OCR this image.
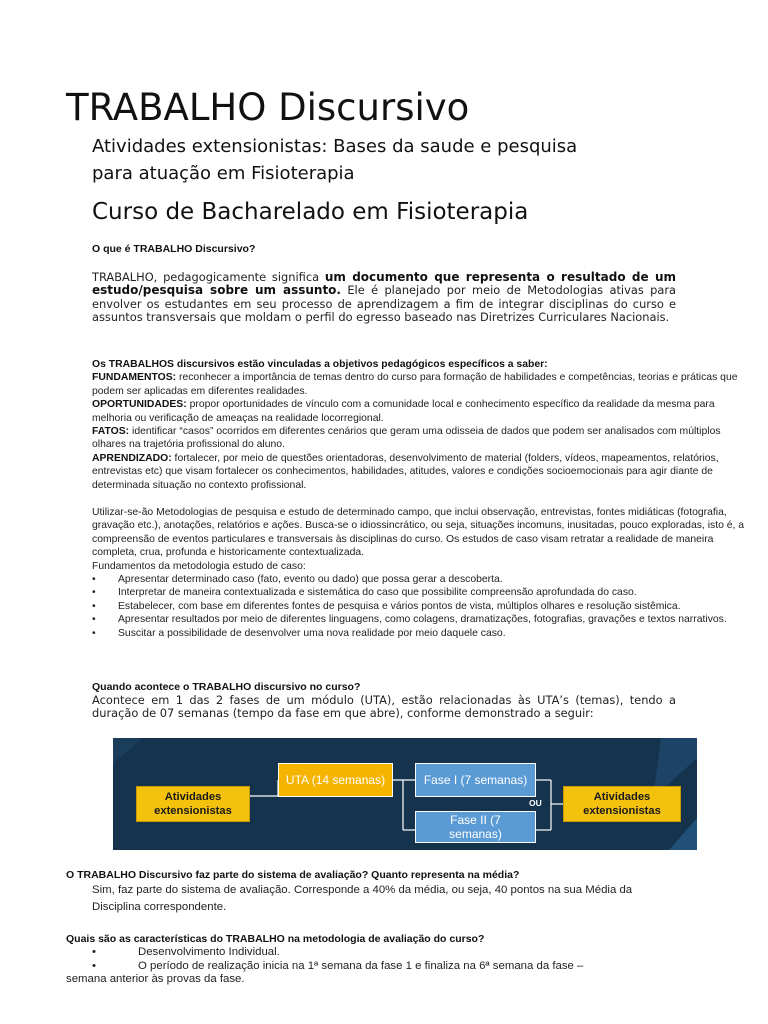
TRABALHO Discursivo
Atividades extensionistas: Bases da saude e pesquisa para atuação em Fisioterapia
Curso de Bacharelado em Fisioterapia
O que é TRABALHO Discursivo?
TRABALHO, pedagogicamente significa um documento que representa o resultado de um estudo/pesquisa sobre um assunto. Ele é planejado por meio de Metodologias ativas para envolver os estudantes em seu processo de aprendizagem a fim de integrar disciplinas do curso e assuntos transversais que moldam o perfil do egresso baseado nas Diretrizes Curriculares Nacionais.
Os TRABALHOS discursivos estão vinculadas a objetivos pedagógicos específicos a saber:
FUNDAMENTOS: reconhecer a importância de temas dentro do curso para formação de habilidades e competências, teorias e práticas que podem ser aplicadas em diferentes realidades.
OPORTUNIDADES: propor oportunidades de vínculo com a comunidade local e conhecimento específico da realidade da mesma para melhoria ou verificação de ameaças na realidade locorregional.
FATOS: identificar “casos” ocorridos em diferentes cenários que geram uma odisseia de dados que podem ser analisados com múltiplos olhares na trajetória profissional do aluno.
APRENDIZADO: fortalecer, por meio de questões orientadoras, desenvolvimento de material (folders, vídeos, mapeamentos, relatórios, entrevistas etc) que visam fortalecer os conhecimentos, habilidades, atitudes, valores e condições socioemocionais para agir diante de determinada situação no contexto profissional.
Utilizar-se-ão Metodologias de pesquisa e estudo de determinado campo, que inclui observação, entrevistas, fontes midiáticas (fotografia, gravação etc.), anotações, relatórios e ações. Busca-se o idiossincrático, ou seja, situações incomuns, inusitadas, pouco exploradas, isto é, a compreensão de eventos particulares e transversais às disciplinas do curso. Os estudos de caso visam retratar a realidade de maneira completa, crua, profunda e historicamente contextualizada.
Fundamentos da metodologia estudo de caso:
• Apresentar determinado caso (fato, evento ou dado) que possa gerar a descoberta.
• Interpretar de maneira contextualizada e sistemática do caso que possibilite compreensão aprofundada do caso.
• Estabelecer, com base em diferentes fontes de pesquisa e vários pontos de vista, múltiplos olhares e resolução sistêmica.
• Apresentar resultados por meio de diferentes linguagens, como colagens, dramatizações, fotografias, gravações e textos narrativos.
• Suscitar a possibilidade de desenvolver uma nova realidade por meio daquele caso.
Quando acontece o TRABALHO discursivo no curso?
Acontece em 1 das 2 fases de um módulo (UTA), estão relacionadas às UTA’s (temas), tendo a duração de 07 semanas (tempo da fase em que abre), conforme demonstrado a seguir:
Atividades extensionistas
UTA (14 semanas)	Fase I (7 semanas)
Fase II (7 semanas)
OU	Atividades extensionistas
O TRABALHO Discursivo faz parte do sistema de avaliação? Quanto representa na média?
Sim, faz parte do sistema de avaliação. Corresponde a 40% da média, ou seja, 40 pontos na sua Média da Disciplina correspondente.
Quais são as características do TRABALHO na metodologia de avaliação do curso?
•	Desenvolvimento Individual.
•	O período de realização inicia na 1ª semana da fase 1 e finaliza na 6ª semana da fase –
semana anterior às provas da fase.
